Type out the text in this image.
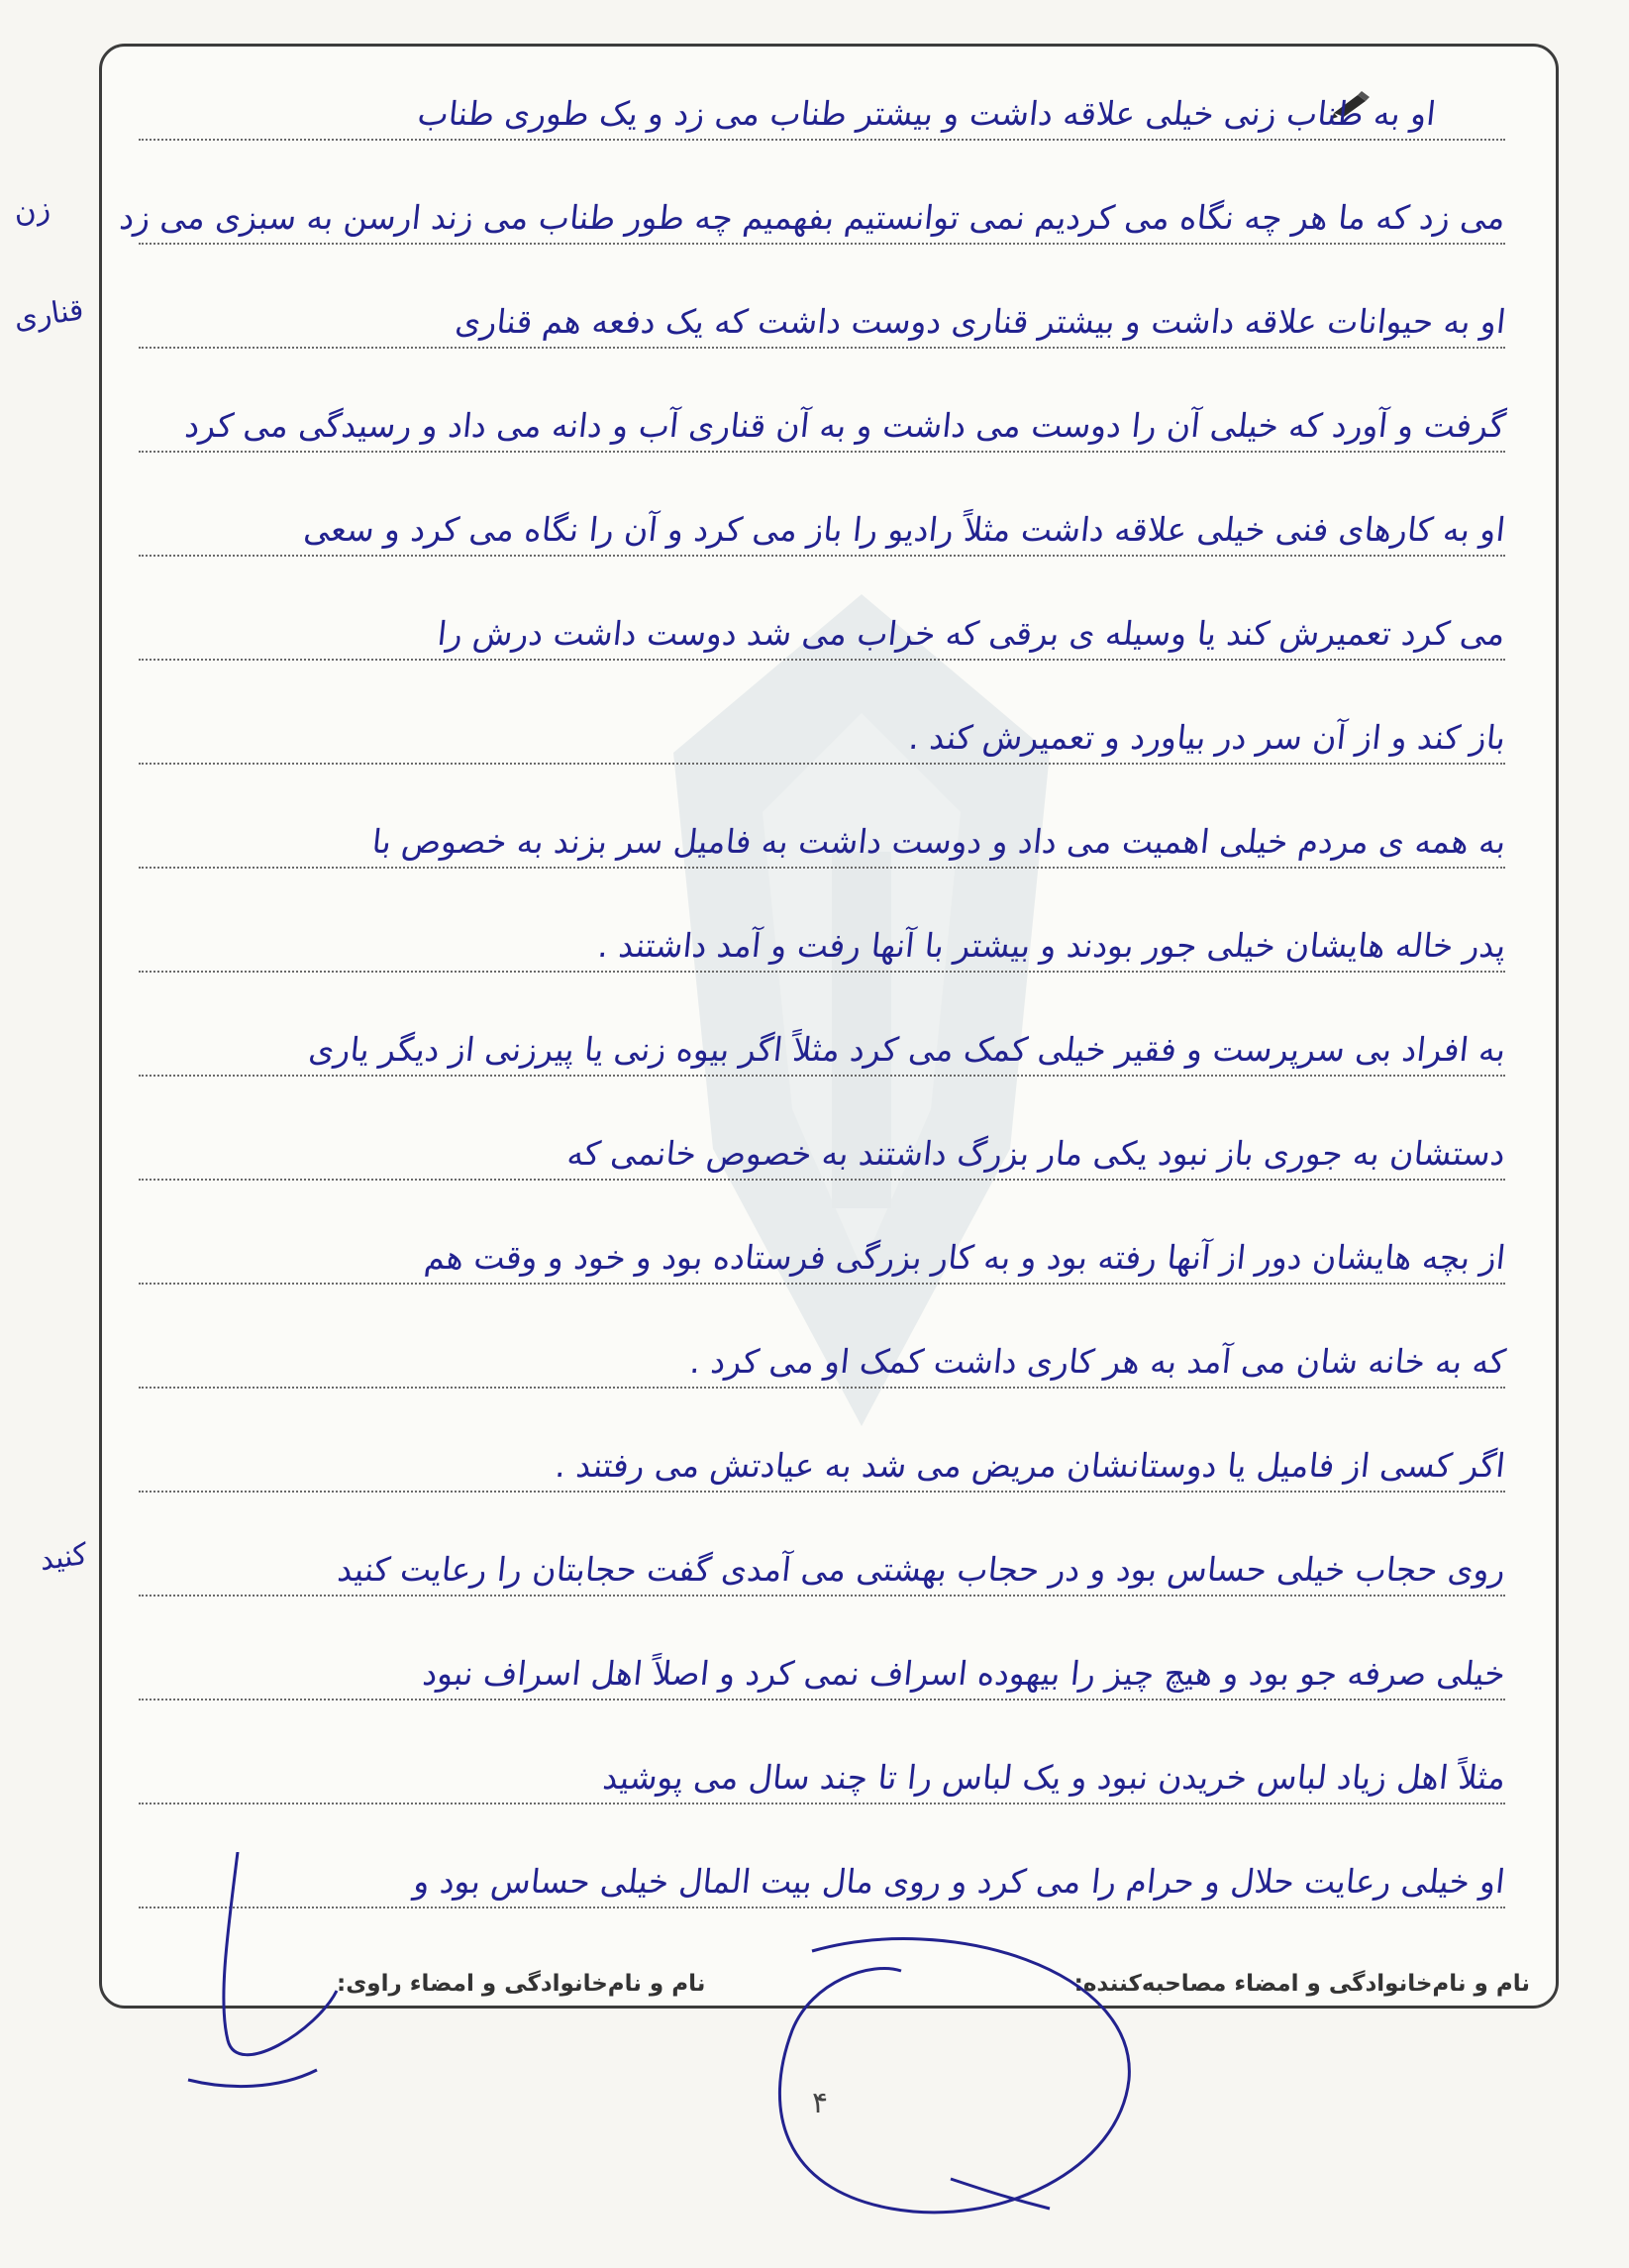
او به طناب زنی خیلی علاقه داشت و بیشتر طناب می زد و یک طوری طناب
می زد که ما هر چه نگاه می کردیم نمی توانستیم بفهمیم چه طور طناب می زند ارسن به سبزی می زد
او به حیوانات علاقه داشت و بیشتر قناری دوست داشت که یک دفعه هم قناری
گرفت و آورد که خیلی آن را دوست می داشت و به آن قناری آب و دانه می داد و رسیدگی می کرد
او به کارهای فنی خیلی علاقه داشت مثلاً رادیو را باز می کرد و آن را نگاه می کرد و سعی
می کرد تعمیرش کند یا وسیله ی برقی که خراب می شد دوست داشت درش را
باز کند و از آن سر در بیاورد و تعمیرش کند .
به همه ی مردم خیلی اهمیت می داد و دوست داشت به فامیل سر بزند به خصوص با
پدر خاله هایشان خیلی جور بودند و بیشتر با آنها رفت و آمد داشتند .
به افراد بی سرپرست و فقیر خیلی کمک می کرد مثلاً اگر بیوه زنی یا پیرزنی از دیگر یاری
دستشان به جوری باز نبود یکی مار بزرگ داشتند به خصوص خانمی که
از بچه هایشان دور از آنها رفته بود و به کار بزرگی فرستاده بود و خود و وقت هم
که به خانه شان می آمد به هر کاری داشت کمک او می کرد .
اگر کسی از فامیل یا دوستانشان مریض می شد به عیادتش می رفتند .
روی حجاب خیلی حساس بود و در حجاب بهشتی می آمدی گفت حجابتان را رعایت کنید
خیلی صرفه جو بود و هیچ چیز را بیهوده اسراف نمی کرد و اصلاً اهل اسراف نبود
مثلاً اهل زیاد لباس خریدن نبود و یک لباس را تا چند سال می پوشید
او خیلی رعایت حلال و حرام را می کرد و روی مال بیت المال خیلی حساس بود و
زن
قناری
کنید
نام و نام‌خانوادگی و امضاء مصاحبه‌کننده:
نام و نام‌خانوادگی و امضاء راوی:
۴
